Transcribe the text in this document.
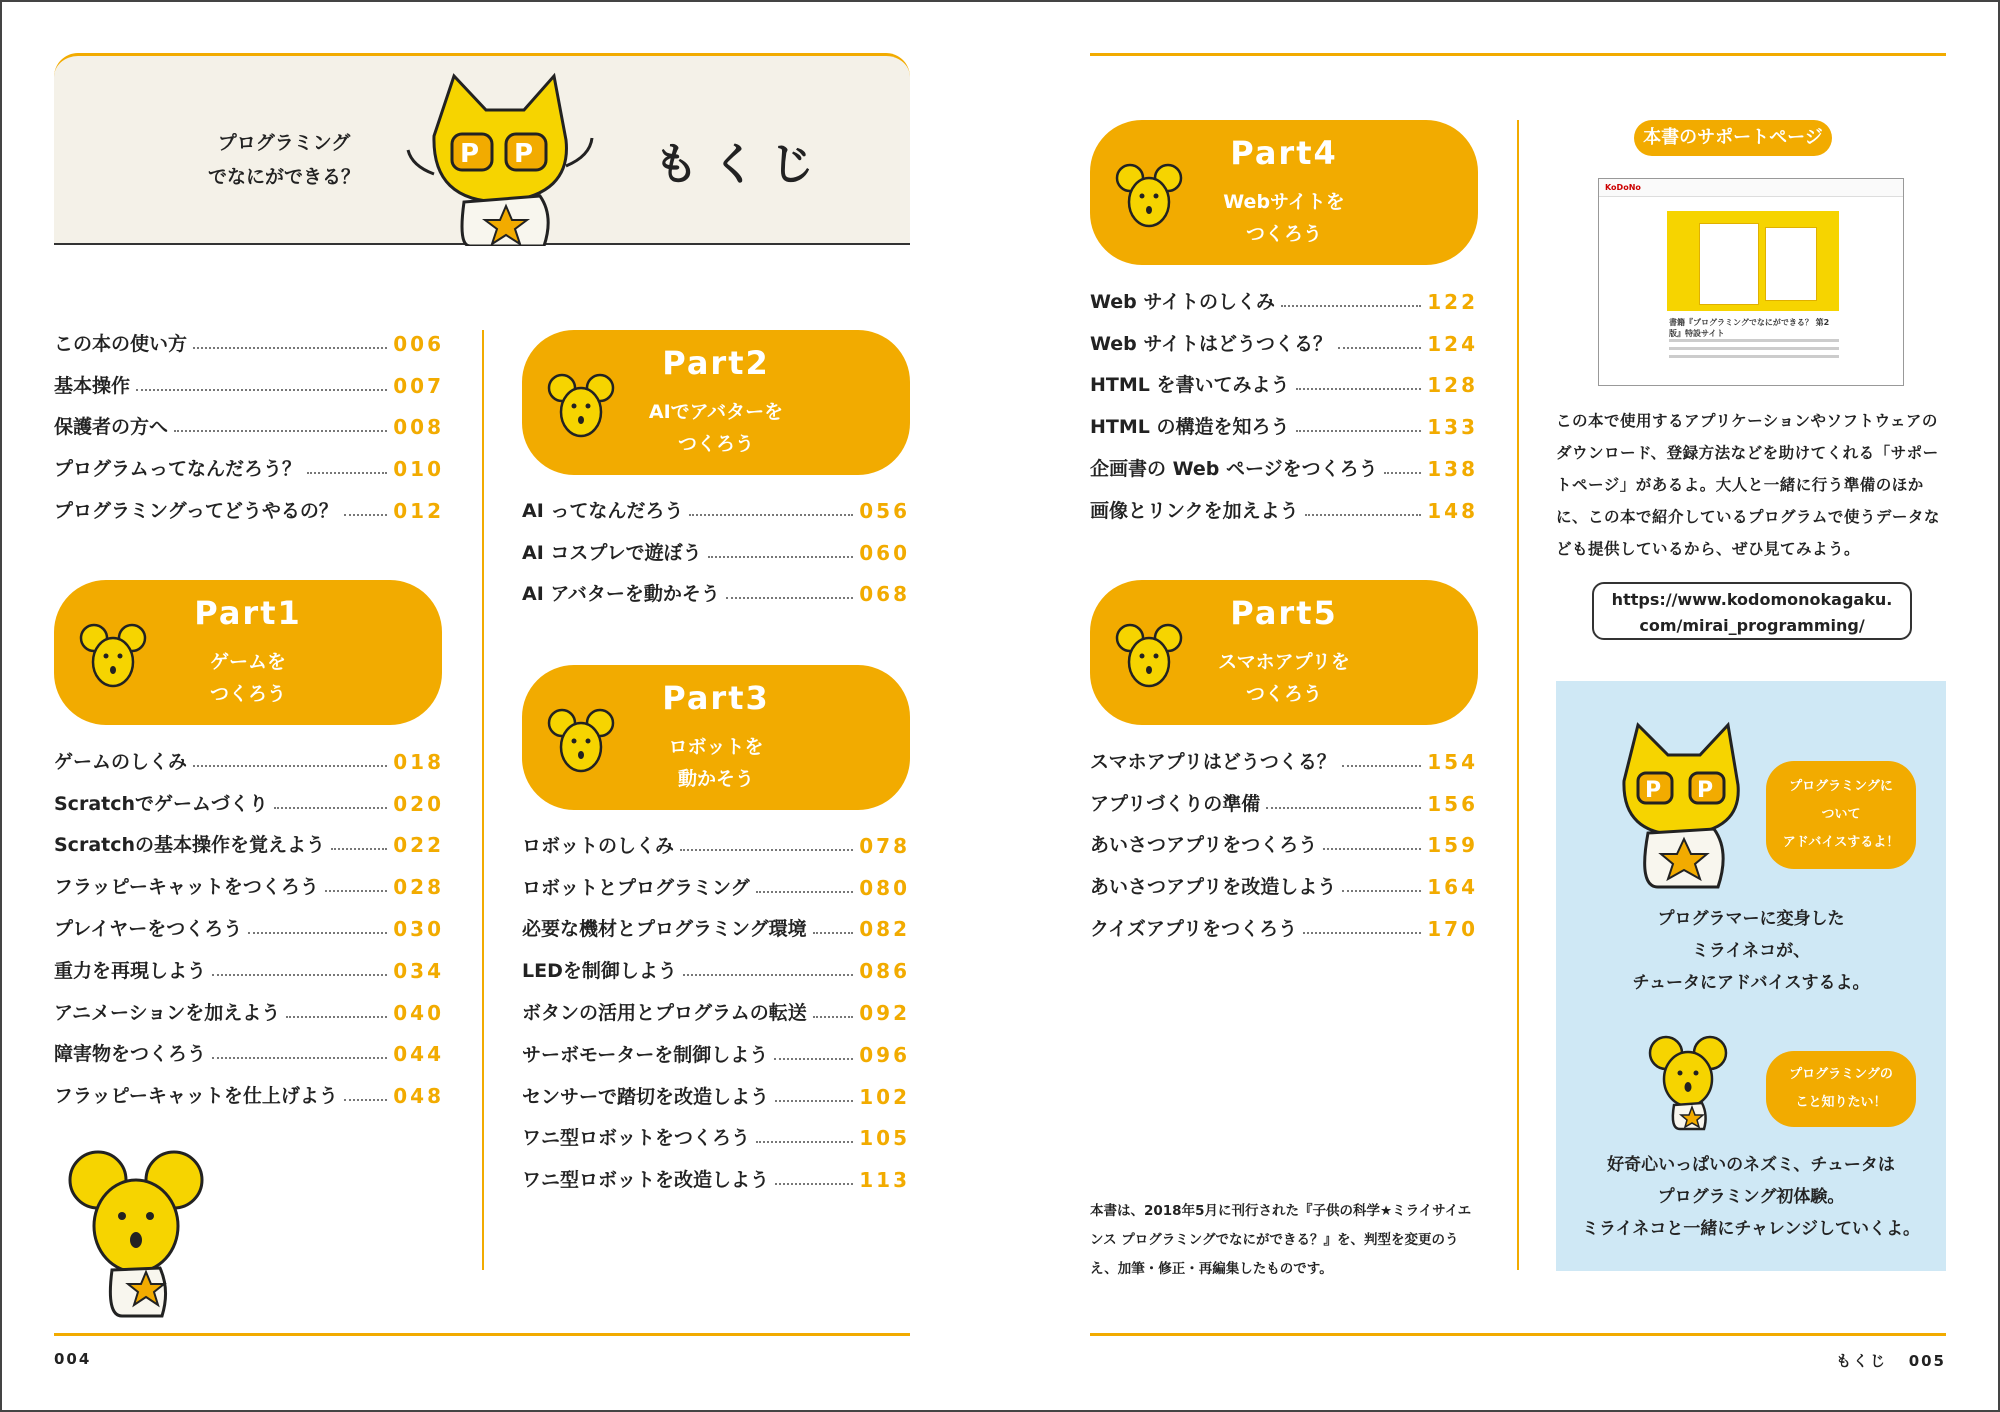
プログラミング
でなにができる？
P P	もくじ
この本の使い方	006
基本操作	007
保護者の方へ	008
プログラムってなんだろう？	010
プログラミングってどうやるの？	012
Part1
ゲームを
つくろう
ゲームのしくみ	018
Scratchでゲームづくり	020
Scratchの基本操作を覚えよう	022
フラッピーキャットをつくろう	028
プレイヤーをつくろう	030
重力を再現しよう	034
アニメーションを加えよう	040
障害物をつくろう	044
フラッピーキャットを仕上げよう	048
Part2
AIでアバターを
つくろう
AI ってなんだろう	056
AI コスプレで遊ぼう	060
AI アバターを動かそう	068
Part3
ロボットを
動かそう
ロボットのしくみ	078
ロボットとプログラミング	080
必要な機材とプログラミング環境	082
LEDを制御しよう	086
ボタンの活用とプログラムの転送	092
サーボモーターを制御しよう	096
センサーで踏切を改造しよう	102
ワニ型ロボットをつくろう	105
ワニ型ロボットを改造しよう	113
Part4
Webサイトを
つくろう
Web サイトのしくみ	122
Web サイトはどうつくる？	124
HTML を書いてみよう	128
HTML の構造を知ろう	133
企画書の Web ページをつくろう 138
画像とリンクを加えよう	148
Part5
スマホアプリを
つくろう
スマホアプリはどうつくる？	154
アプリづくりの準備	156
あいさつアプリをつくろう	159
あいさつアプリを改造しよう	164
クイズアプリをつくろう	170
本書は、2018年5月に刊行された『子供の科学★ミライサイエンス プログラミングでなにができる？』を、判型を変更のうえ、加筆・修正・再編集したものです。
本書のサポートページ
KoDoNo
書籍『プログラミングでなにができる？ 第2版』特設サイト
この本で使用するアプリケーションやソフトウェアのダウンロード、登録方法などを助けてくれる「サポートページ」があるよ。大人と一緒に行う準備のほかに、この本で紹介しているプログラムで使うデータなども提供しているから、ぜひ見てみよう。
https://www.kodomonokagaku.
com/mirai_programming/
P P	プログラミングに
ついて
アドバイスするよ！
プログラマーに変身した
ミライネコが、
チュータにアドバイスするよ。
プログラミングの
こと知りたい！
好奇心いっぱいのネズミ、チュータは
プログラミング初体験。
ミライネコと一緒にチャレンジしていくよ。
004	もくじ 005
